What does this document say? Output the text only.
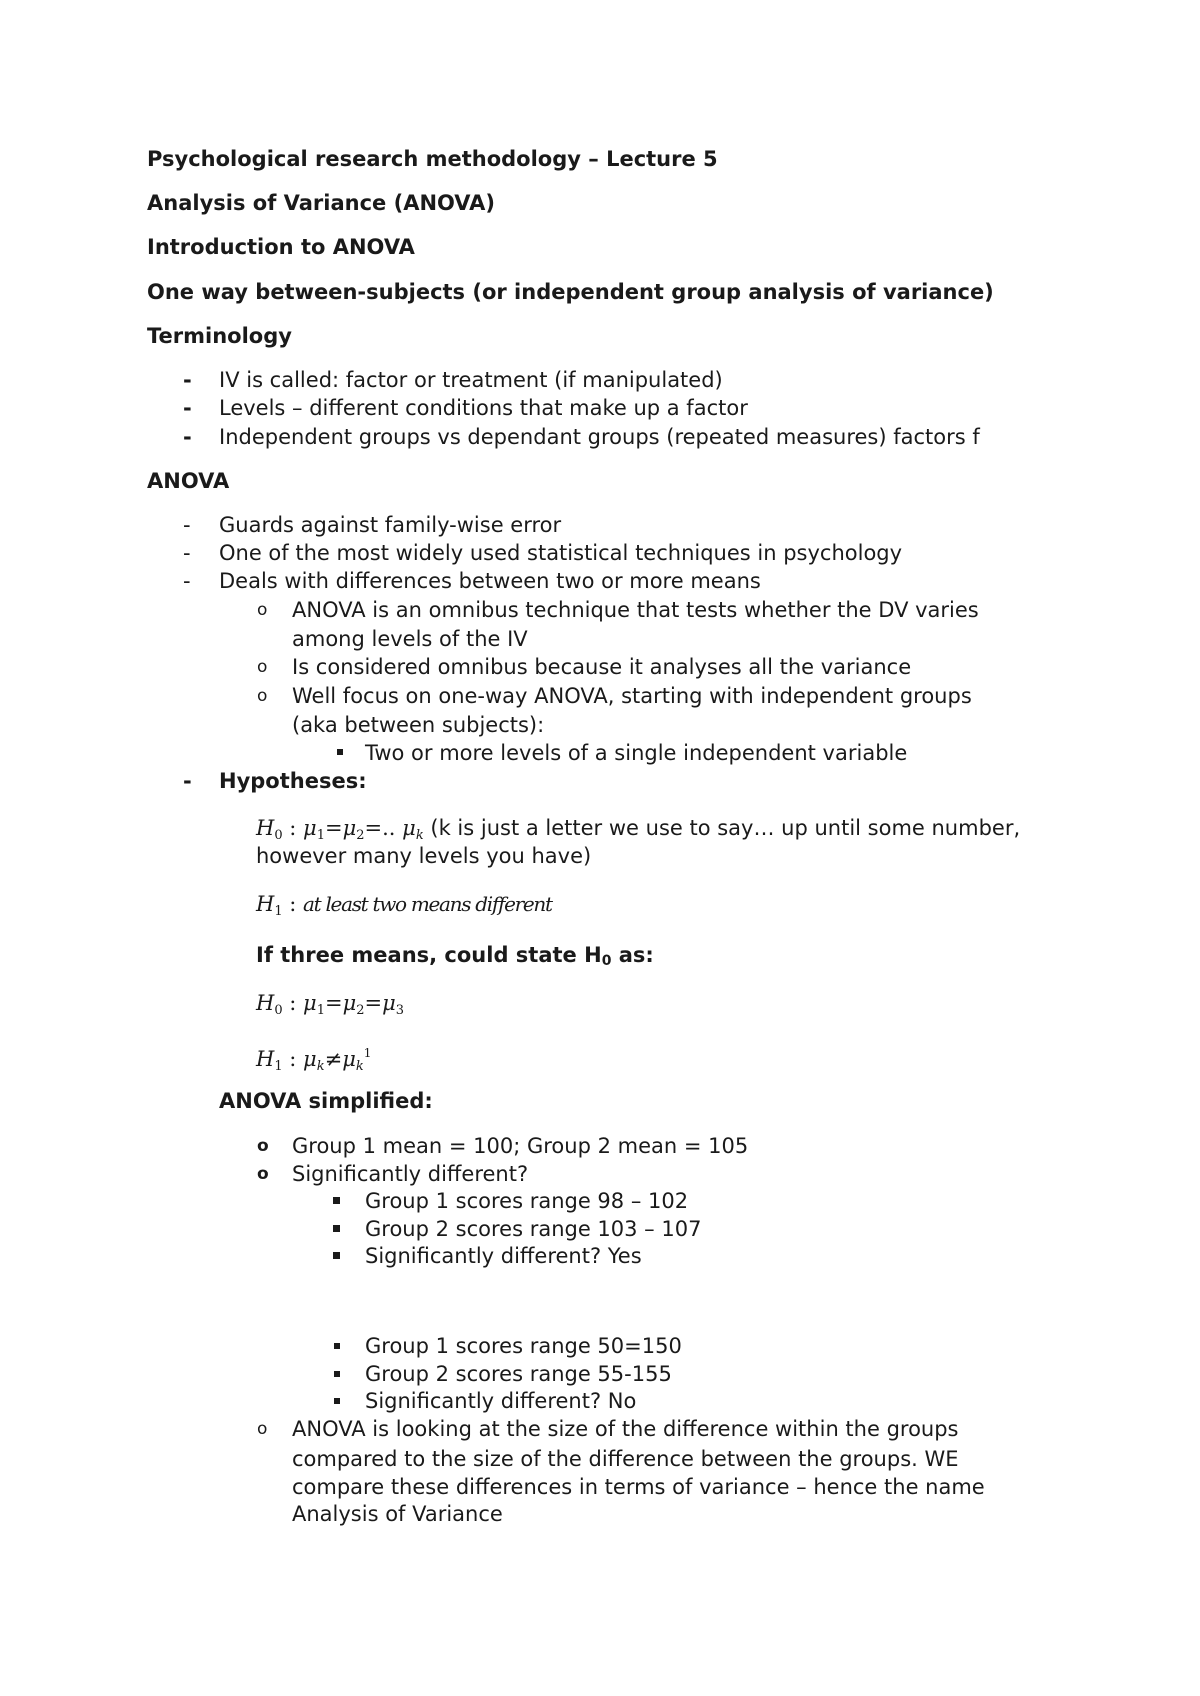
Psychological research methodology – Lecture 5
Analysis of Variance (ANOVA)
Introduction to ANOVA
One way between-subjects (or independent group analysis of variance)
Terminology
- IV is called: factor or treatment (if manipulated)
- Levels – different conditions that make up a factor
- Independent groups vs dependant groups (repeated measures) factors f
ANOVA
- Guards against family-wise error
- One of the most widely used statistical techniques in psychology
- Deals with differences between two or more means
o ANOVA is an omnibus technique that tests whether the DV varies
among levels of the IV
o Is considered omnibus because it analyses all the variance
o Well focus on one-way ANOVA, starting with independent groups
(aka between subjects):
Two or more levels of a single independent variable
- Hypotheses:
$H_0$ : $\mu_1=\mu_2=$.. $\mu_k$ (k is just a letter we use to say… up until some number,
however many levels you have)
$H_1$ : at least two means different
If three means, could state $H_0$ as:
$H_0$ : $\mu_1=\mu_2=\mu_3$
$H_1$ : $\mu_k\ne\mu_k^1$
ANOVA simplified:
o Group 1 mean = 100; Group 2 mean = 105
o Significantly different?
Group 1 scores range 98 – 102
Group 2 scores range 103 – 107
Significantly different? Yes
Group 1 scores range 50=150
Group 2 scores range 55-155
Significantly different? No
o ANOVA is looking at the size of the difference within the groups
compared to the size of the difference between the groups. WE
compare these differences in terms of variance – hence the name
Analysis of Variance
